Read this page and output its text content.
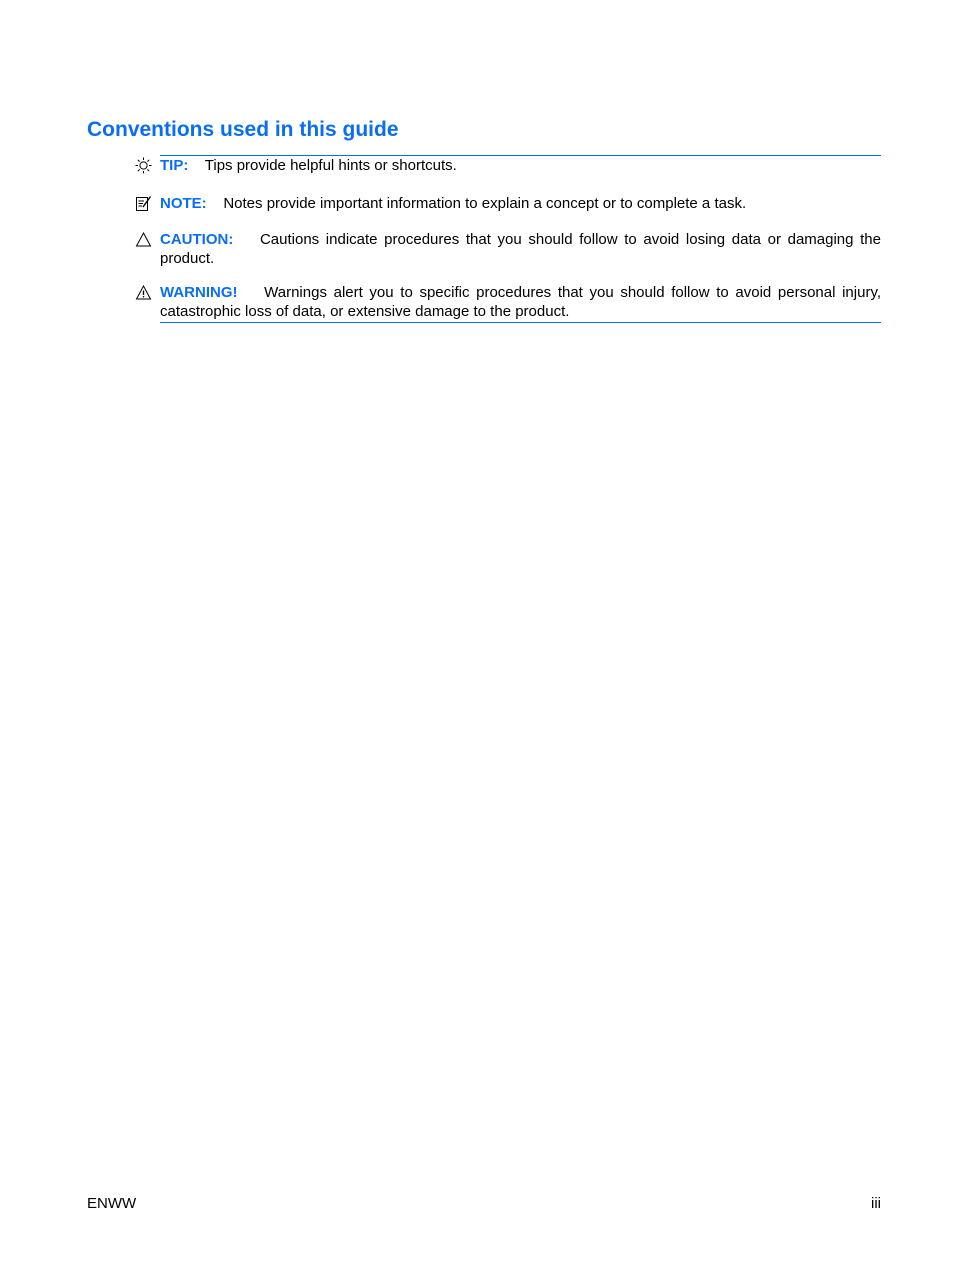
Conventions used in this guide
TIP: Tips provide helpful hints or shortcuts.
NOTE: Notes provide important information to explain a concept or to complete a task.
CAUTION: Cautions indicate procedures that you should follow to avoid losing data or damaging the product.
WARNING! Warnings alert you to specific procedures that you should follow to avoid personal injury, catastrophic loss of data, or extensive damage to the product.
ENWW	iii
